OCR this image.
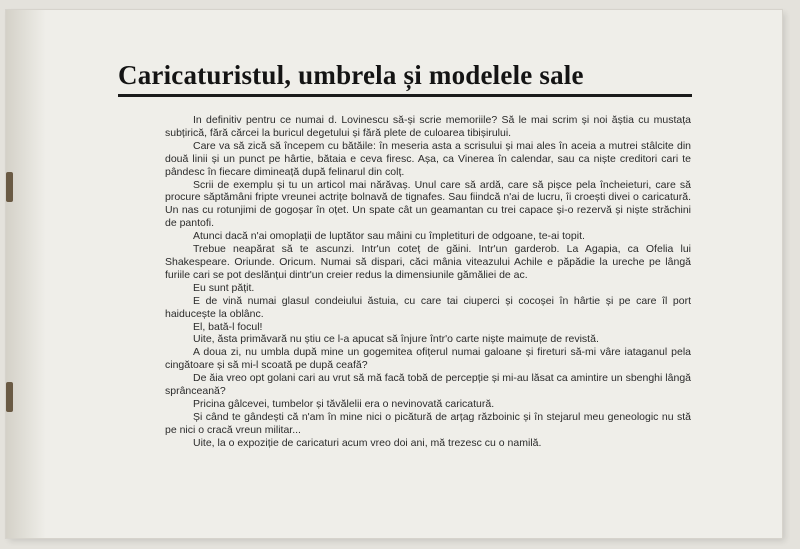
Caricaturistul, umbrela și modelele sale

In definitiv pentru ce numai d. Lovinescu să-și scrie memoriile? Să le mai scrim și noi ăștia cu mustața subțirică, fără cărcei la buricul degetului și fără plete de culoarea tibișirului.

Care va să zică să începem cu bătăile: în meseria asta a scrisului și mai ales în aceia a mutrei stâlcite din două linii și un punct pe hârtie, bătaia e ceva firesc. Așa, ca Vinerea în calendar, sau ca niște creditori cari te pândesc în fiecare dimineață după felinarul din colț.

Scrii de exemplu și tu un articol mai nărăvaș. Unul care să ardă, care să pișce pela încheieturi, care să procure săptămâni fripte vreunei actrițe bolnavă de tignafes. Sau fiindcă n'ai de lucru, îi croești divei o caricatură. Un nas cu rotunjimi de gogoșar în oțet. Un spate cât un geamantan cu trei capace și-o rezervă și niște străchini de pantofi.

Atunci dacă n'ai omoplații de luptător sau mâini cu împletituri de odgoane, te-ai topit.

Trebue neapărat să te ascunzi. Intr'un coteț de găini. Intr'un garderob. La Agapia, ca Ofelia lui Shakespeare. Oriunde. Oricum. Numai să dispari, căci mânia viteazului Achile e păpădie la ureche pe lângă furiile cari se pot deslănțui dintr'un creier redus la dimensiunile gămăliei de ac.

Eu sunt pățit.

E de vină numai glasul condeiului ăstuia, cu care tai ciuperci și cocoșei în hârtie și pe care îl port haiducește la oblânc.

El, bată-l focul!

Uite, ăsta primăvară nu știu ce l-a apucat să înjure într'o carte niște maimuțe de revistă.

A doua zi, nu umbla după mine un gogemitea ofițerul numai galoane și fireturi să-mi vâre iataganul pela cingătoare și să mi-l scoată pe după ceafă?

De ăia vreo opt golani cari au vrut să mă facă tobă de percepție și mi-au lăsat ca amintire un sbenghi lângă sprânceană?

Pricina gâlcevei, tumbelor și tăvălelii era o nevinovată caricatură.

Și când te gândești că n'am în mine nici o picătură de arțag războinic și în stejarul meu geneologic nu stă pe nici o cracă vreun militar...

Uite, la o expoziție de caricaturi acum vreo doi ani, mă trezesc cu o namilă.
